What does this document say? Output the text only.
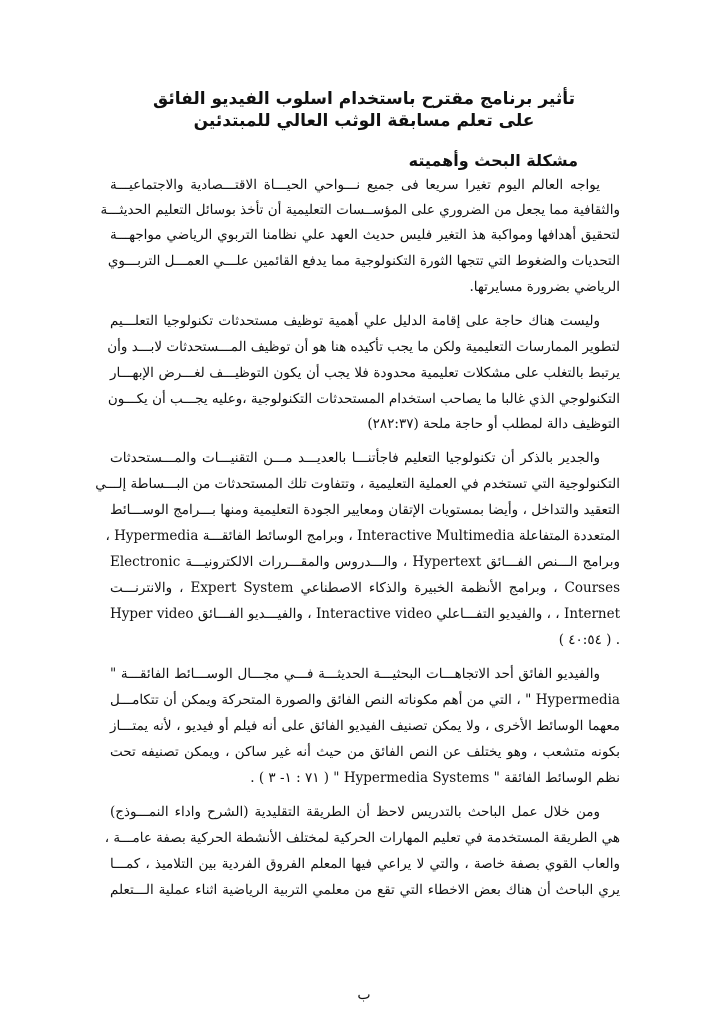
تأثير برنامج مقترح باستخدام اسلوب الفيديو الفائق
على تعلم مسابقة الوثب العالي للمبتدئين
مشكلة البحث وأهميته
يواجه العالم اليوم تغيرا سريعا فى جميع نـــواحي الحيـــاة الاقتـــصادية والاجتماعيـــة
والثقافية مما يجعل من الضروري على المؤســسات التعليمية أن تأخذ بوسائل التعليم الحديثـــة
لتحقيق أهدافها ومواكبة هذ التغير فليس حديث العهد علي نظامنا التربوي الرياضي مواجهـــة
التحديات والضغوط التي تتجها الثورة التكنولوجية مما يدفع القائمين علـــي العمـــل التربـــوي
الرياضي بضرورة مسايرتها.
وليست هناك حاجة على إقامة الدليل علي أهمية توظيف مستحدثات تكنولوجيا التعلـــيم
لتطوير الممارسات التعليمية ولكن ما يجب تأكيده هنا هو أن توظيف المـــستحدثات لابـــد وأن
يرتبط بالتغلب على مشكلات تعليمية محدودة فلا يجب أن يكون التوظيـــف لغـــرض الإبهـــار
التكنولوجي الذي غالبا ما يصاحب استخدام المستحدثات التكنولوجية ،وعليه يجـــب أن يكـــون
التوظيف دالة لمطلب أو حاجة ملحة (٢٨٢:٣٧)
والجدير بالذكر أن تكنولوجيا التعليم فاجأتنـــا بالعديـــد مـــن التقنيـــات والمـــستحدثات
التكنولوجية التي تستخدم في العملية التعليمية ، وتتفاوت تلك المستحدثات من البـــساطة إلـــي
التعقيد والتداخل ، وأيضا بمستويات الإتقان ومعايير الجودة التعليمية ومنها بـــرامج الوســـائط
المتعددة المتفاعلة Interactive Multimedia ، وبرامج الوسائط الفائقـــة Hypermedia ،
وبرامج الـــنص الفـــائق Hypertext ، والـــدروس والمقـــررات الالكترونيـــة Electronic
Courses ، وبرامج الأنظمة الخبيرة والذكاء الاصطناعي Expert System ، والانترنـــت
Internet ، ، والفيديو التفـــاعلي Interactive video ، والفيـــديو الفـــائق Hyper video
. ( ٤٠:٥٤ )
والفيديو الفائق أحد الاتجاهـــات البحثيـــة الحديثـــة فـــي مجـــال الوســـائط الفائقـــة "
Hypermedia " ، التي من أهم مكوناته النص الفائق والصورة المتحركة ويمكن أن تتكامـــل
معهما الوسائط الأخرى ، ولا يمكن تصنيف الفيديو الفائق على أنه فيلم أو فيديو ، لأنه يمتـــاز
بكونه متشعب ، وهو يختلف عن النص الفائق من حيث أنه غير ساكن ، ويمكن تصنيفه تحت
نظم الوسائط الفائقة " Hypermedia Systems " ( ٧١ : ١- ٣ ) .
ومن خلال عمل الباحث بالتدريس لاحظ أن الطريقة التقليدية (الشرح واداء النمـــوذج)
هي الطريقة المستخدمة في تعليم المهارات الحركية لمختلف الأنشطة الحركية بصفة عامـــة ،
والعاب القوي بصفة خاصة ، والتي لا يراعي فيها المعلم الفروق الفردية بين التلاميذ ، كمـــا
يري الباحث أن هناك بعض الاخطاء التي تقع من معلمي التربية الرياضية اثناء عملية الـــتعلم
ب
